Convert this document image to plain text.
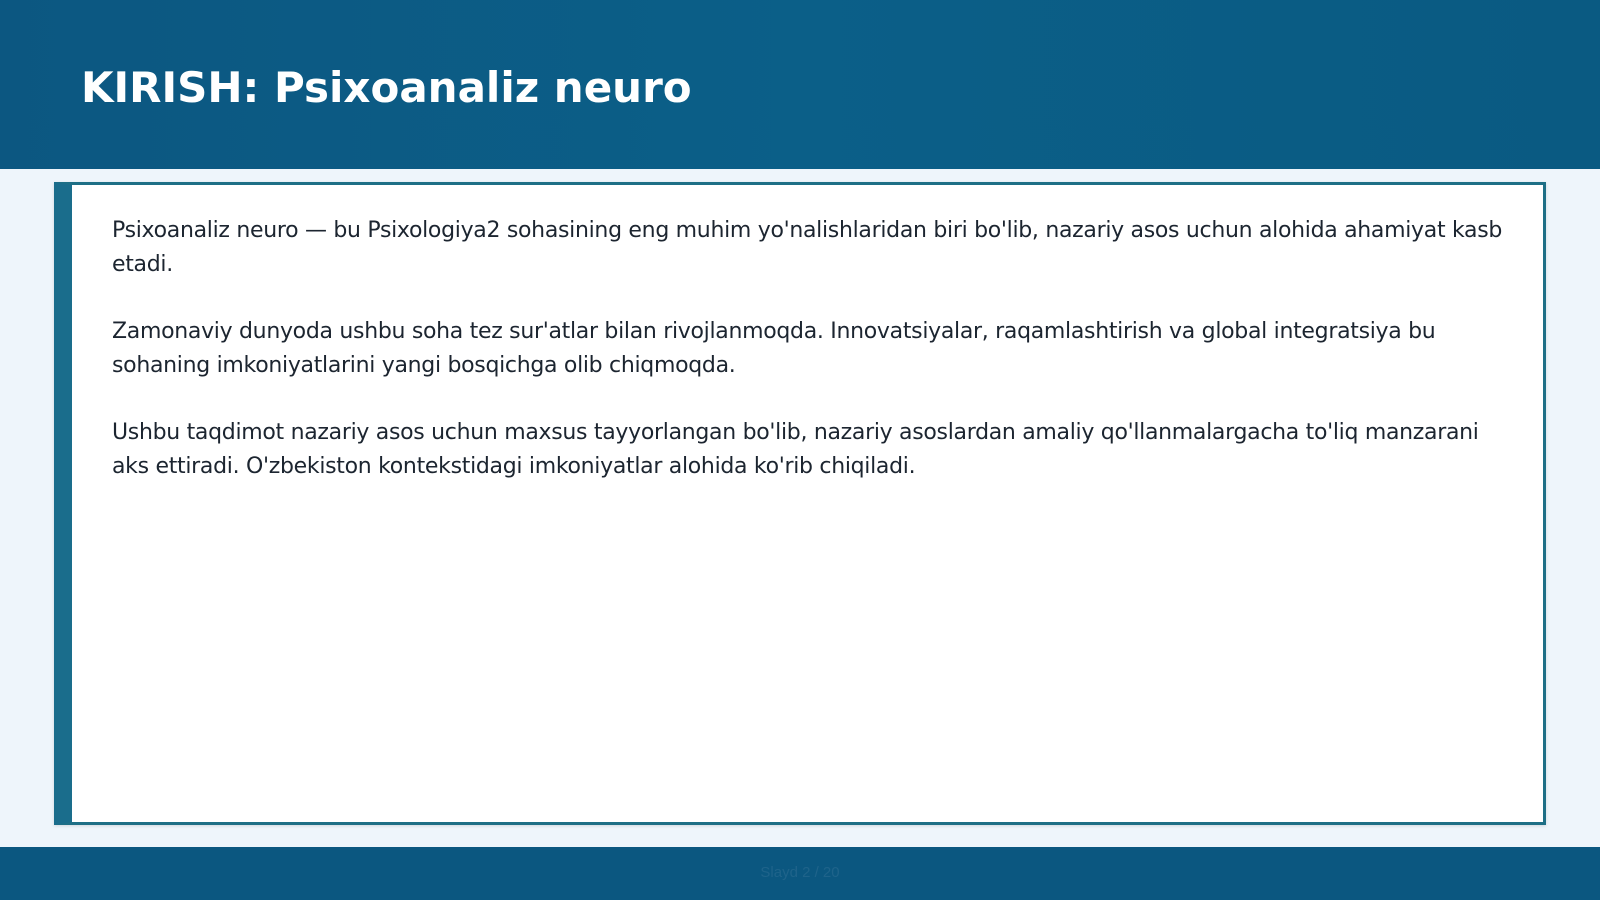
KIRISH: Psixoanaliz neuro

Psixoanaliz neuro — bu Psixologiya2 sohasining eng muhim yo'nalishlaridan biri bo'lib, nazariy asos uchun alohida ahamiyat kasb etadi.

Zamonaviy dunyoda ushbu soha tez sur'atlar bilan rivojlanmoqda. Innovatsiyalar, raqamlashtirish va global integratsiya bu sohaning imkoniyatlarini yangi bosqichga olib chiqmoqda.

Ushbu taqdimot nazariy asos uchun maxsus tayyorlangan bo'lib, nazariy asoslardan amaliy qo'llanmalargacha to'liq manzarani aks ettiradi. O'zbekiston kontekstidagi imkoniyatlar alohida ko'rib chiqiladi.

Slayd 2 / 20
